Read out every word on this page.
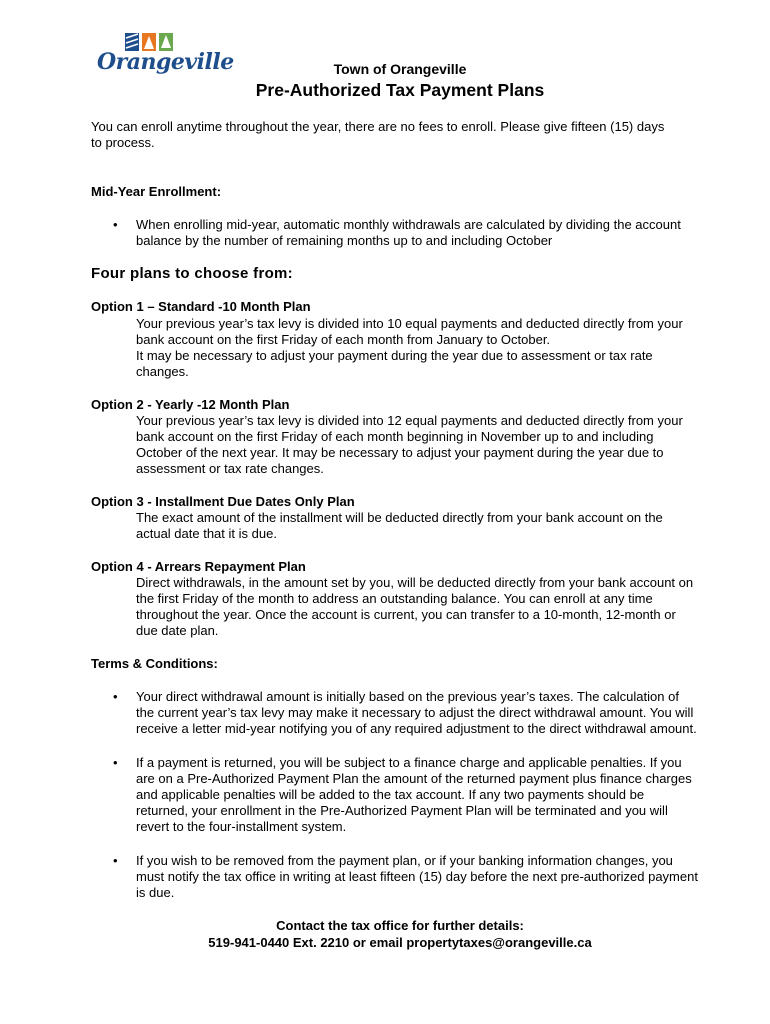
Orangeville	Town of Orangeville
Pre-Authorized Tax Payment Plans
You can enroll anytime throughout the year, there are no fees to enroll. Please give fifteen (15) days
to process.
Mid-Year Enrollment:
• When enrolling mid-year, automatic monthly withdrawals are calculated by dividing the account
balance by the number of remaining months up to and including October
Four plans to choose from:
Option 1 – Standard -10 Month Plan
Your previous year’s tax levy is divided into 10 equal payments and deducted directly from your
bank account on the first Friday of each month from January to October.
It may be necessary to adjust your payment during the year due to assessment or tax rate
changes.
Option 2 - Yearly -12 Month Plan
Your previous year’s tax levy is divided into 12 equal payments and deducted directly from your
bank account on the first Friday of each month beginning in November up to and including
October of the next year. It may be necessary to adjust your payment during the year due to
assessment or tax rate changes.
Option 3 - Installment Due Dates Only Plan
The exact amount of the installment will be deducted directly from your bank account on the
actual date that it is due.
Option 4 - Arrears Repayment Plan
Direct withdrawals, in the amount set by you, will be deducted directly from your bank account on
the first Friday of the month to address an outstanding balance. You can enroll at any time
throughout the year. Once the account is current, you can transfer to a 10-month, 12-month or
due date plan.
Terms & Conditions:
• Your direct withdrawal amount is initially based on the previous year’s taxes. The calculation of
the current year’s tax levy may make it necessary to adjust the direct withdrawal amount. You will
receive a letter mid-year notifying you of any required adjustment to the direct withdrawal amount.
• If a payment is returned, you will be subject to a finance charge and applicable penalties. If you
are on a Pre-Authorized Payment Plan the amount of the returned payment plus finance charges
and applicable penalties will be added to the tax account. If any two payments should be
returned, your enrollment in the Pre-Authorized Payment Plan will be terminated and you will
revert to the four-installment system.
• If you wish to be removed from the payment plan, or if your banking information changes, you
must notify the tax office in writing at least fifteen (15) day before the next pre-authorized payment
is due.
Contact the tax office for further details:
519-941-0440 Ext. 2210 or email propertytaxes@orangeville.ca
